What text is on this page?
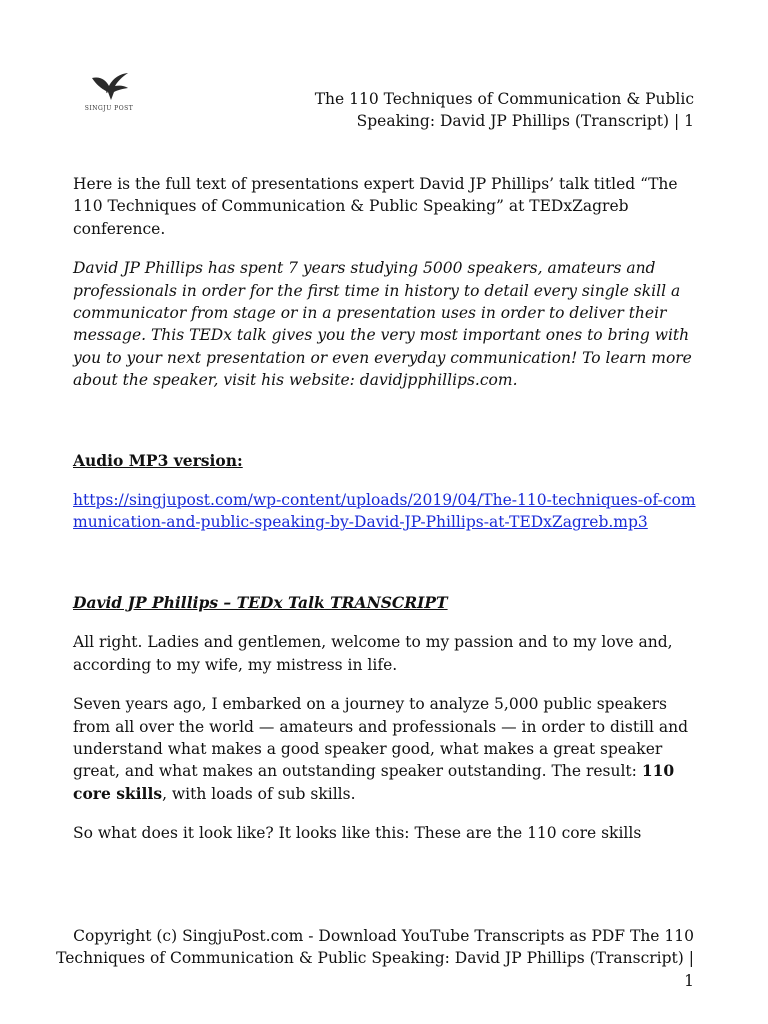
SINGJU POST
The 110 Techniques of Communication & Public Speaking: David JP Phillips (Transcript) | 1

Here is the full text of presentations expert David JP Phillips’ talk titled “The 110 Techniques of Communication & Public Speaking” at TEDxZagreb conference.

David JP Phillips has spent 7 years studying 5000 speakers, amateurs and professionals in order for the first time in history to detail every single skill a communicator from stage or in a presentation uses in order to deliver their message. This TEDx talk gives you the very most important ones to bring with you to your next presentation or even everyday communication! To learn more about the speaker, visit his website: davidjpphillips.com.

Audio MP3 version:

https://singjupost.com/wp-content/uploads/2019/04/The-110-techniques-of-communication-and-public-speaking-by-David-JP-Phillips-at-TEDxZagreb.mp3

David JP Phillips – TEDx Talk TRANSCRIPT

All right. Ladies and gentlemen, welcome to my passion and to my love and, according to my wife, my mistress in life.

Seven years ago, I embarked on a journey to analyze 5,000 public speakers from all over the world — amateurs and professionals — in order to distill and understand what makes a good speaker good, what makes a great speaker great, and what makes an outstanding speaker outstanding. The result: 110 core skills, with loads of sub skills.

So what does it look like? It looks like this: These are the 110 core skills

Copyright (c) SingjuPost.com - Download YouTube Transcripts as PDF The 110 Techniques of Communication & Public Speaking: David JP Phillips (Transcript) | 1
